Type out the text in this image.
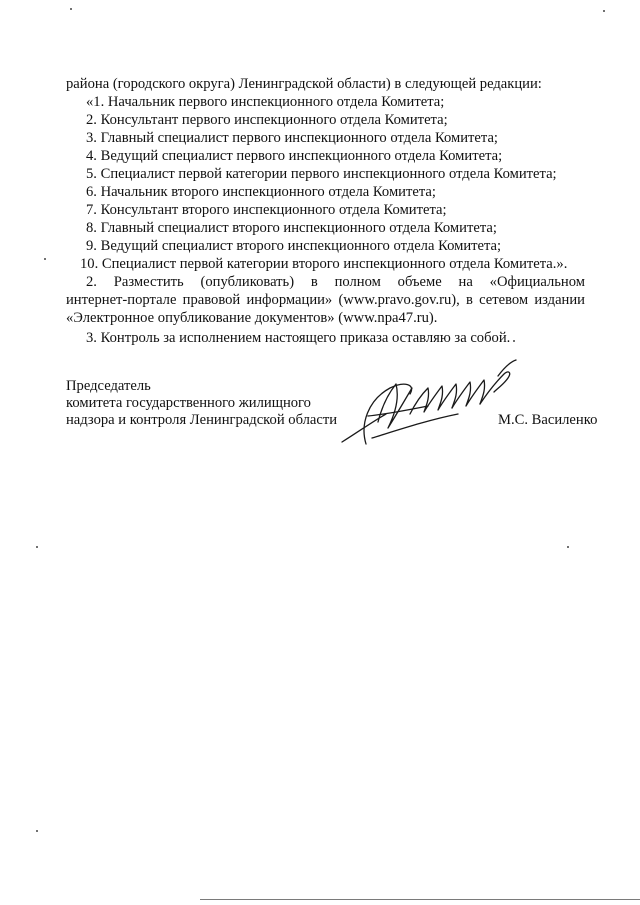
района (городского округа) Ленинградской области) в следующей редакции:
«1. Начальник первого инспекционного отдела Комитета;
2. Консультант первого инспекционного отдела Комитета;
3. Главный специалист первого инспекционного отдела Комитета;
4. Ведущий специалист первого инспекционного отдела Комитета;
5. Специалист первой категории первого инспекционного отдела Комитета;
6. Начальник второго инспекционного отдела Комитета;
7. Консультант второго инспекционного отдела Комитета;
8. Главный специалист второго инспекционного отдела Комитета;
9. Ведущий специалист второго инспекционного отдела Комитета;
10. Специалист первой категории второго инспекционного отдела Комитета.».
2. Разместить (опубликовать) в полном объеме на «Официальном
интернет-портале правовой информации» (www.pravo.gov.ru), в сетевом издании
«Электронное опубликование документов» (www.npa47.ru).
3. Контроль за исполнением настоящего приказа оставляю за собой.
Председатель
комитета государственного жилищного
надзора и контроля Ленинградской области	М.С. Василенко
